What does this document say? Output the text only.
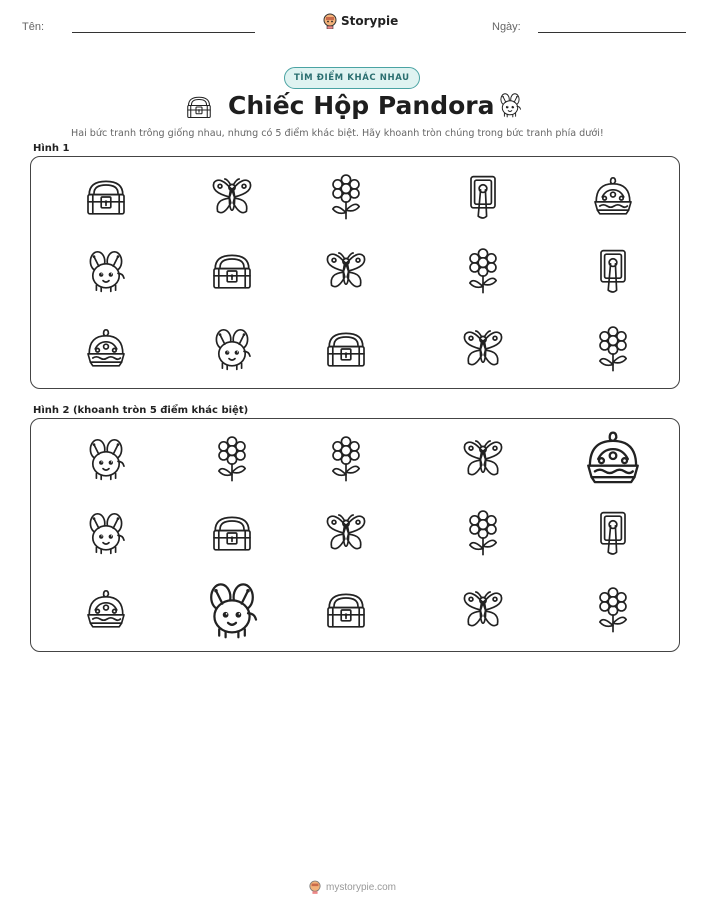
Tên:	Storypie	Ngày:
TÌM ĐIỂM KHÁC NHAU
Chiếc Hộp Pandora
Hai bức tranh trông giống nhau, nhưng có 5 điểm khác biệt. Hãy khoanh tròn chúng trong bức tranh phía dưới!
Hình 1
Hình 2 (khoanh tròn 5 điểm khác biệt)
mystorypie.com
